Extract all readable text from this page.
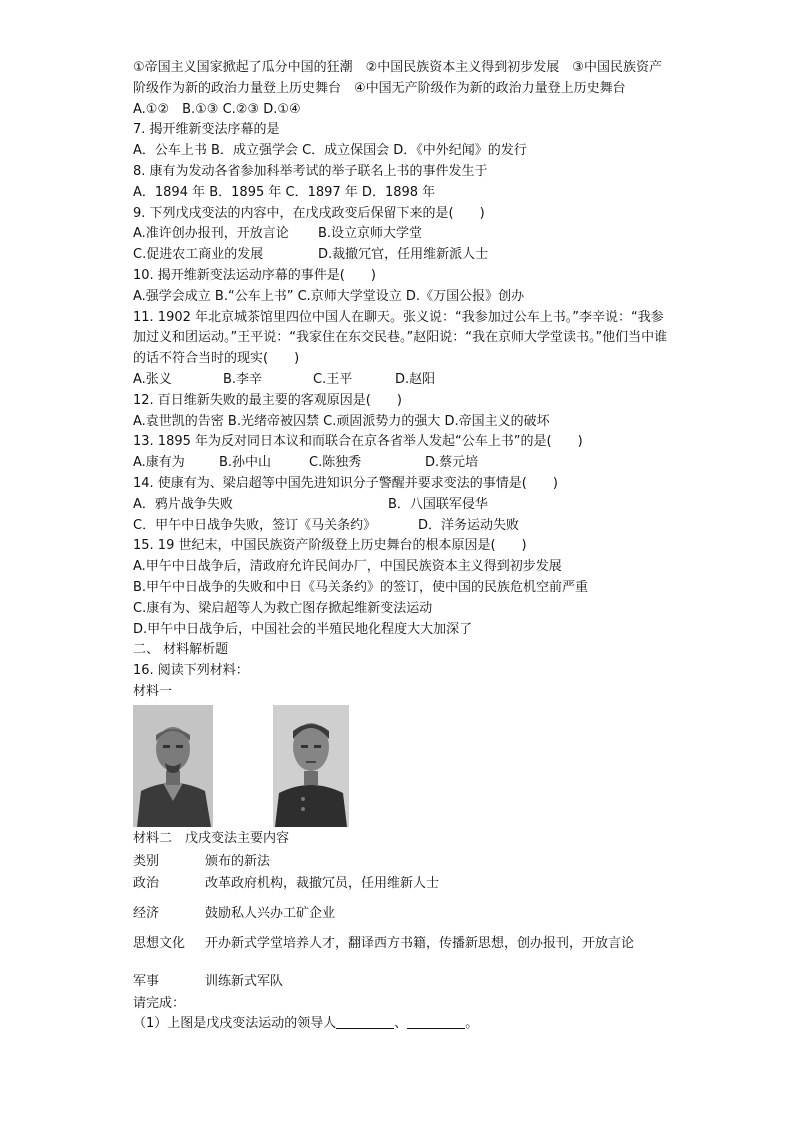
①帝国主义国家掀起了瓜分中国的狂潮　②中国民族资本主义得到初步发展　③中国民族资产阶级作为新的政治力量登上历史舞台　④中国无产阶级作为新的政治力量登上历史舞台
A.①②　B.①③ C.②③ D.①④
7. 揭开维新变法序幕的是
A．公车上书 B．成立强学会 C．成立保国会 D．《中外纪闻》的发行
8. 康有为发动各省参加科举考试的举子联名上书的事件发生于
A．1894 年 B．1895 年 C．1897 年 D．1898 年
9. 下列戊戌变法的内容中，在戊戌政变后保留下来的是(　　)
A.准许创办报刊，开放言论	B.设立京师大学堂
C.促进农工商业的发展	D.裁撤冗官，任用维新派人士
10. 揭开维新变法运动序幕的事件是(　　)
A.强学会成立 B.“公车上书” C.京师大学堂设立 D.《万国公报》创办
11. 1902 年北京城茶馆里四位中国人在聊天。张义说：“我参加过公车上书。”李辛说：“我参加过义和团运动。”王平说：“我家住在东交民巷。”赵阳说：“我在京师大学堂读书。”他们当中谁的话不符合当时的现实(　　)
A.张义	B.李辛	C.王平	D.赵阳
12. 百日维新失败的最主要的客观原因是(　　)
A.袁世凯的告密 B.光绪帝被囚禁 C.顽固派势力的强大 D.帝国主义的破坏
13. 1895 年为反对同日本议和而联合在京各省举人发起“公车上书”的是(　　)
A.康有为	B.孙中山	C.陈独秀	D.蔡元培
14. 使康有为、梁启超等中国先进知识分子警醒并要求变法的事情是(　　)
A．鸦片战争失败	B．八国联军侵华
C．甲午中日战争失败，签订《马关条约》	D．洋务运动失败
15. 19 世纪末，中国民族资产阶级登上历史舞台的根本原因是(　　)
A.甲午中日战争后，清政府允许民间办厂，中国民族资本主义得到初步发展
B.甲午中日战争的失败和中日《马关条约》的签订，使中国的民族危机空前严重
C.康有为、梁启超等人为救亡图存掀起维新变法运动
D.甲午中日战争后，中国社会的半殖民地化程度大大加深了
二、 材料解析题
16. 阅读下列材料：
材料一
材料二　戊戌变法主要内容
类别	颁布的新法
政治	改革政府机构，裁撤冗员，任用维新人士
经济	鼓励私人兴办工矿企业
思想文化	开办新式学堂培养人才，翻译西方书籍，传播新思想，创办报刊，开放言论
军事	训练新式军队
请完成：
（1）上图是戊戌变法运动的领导人	、	。
